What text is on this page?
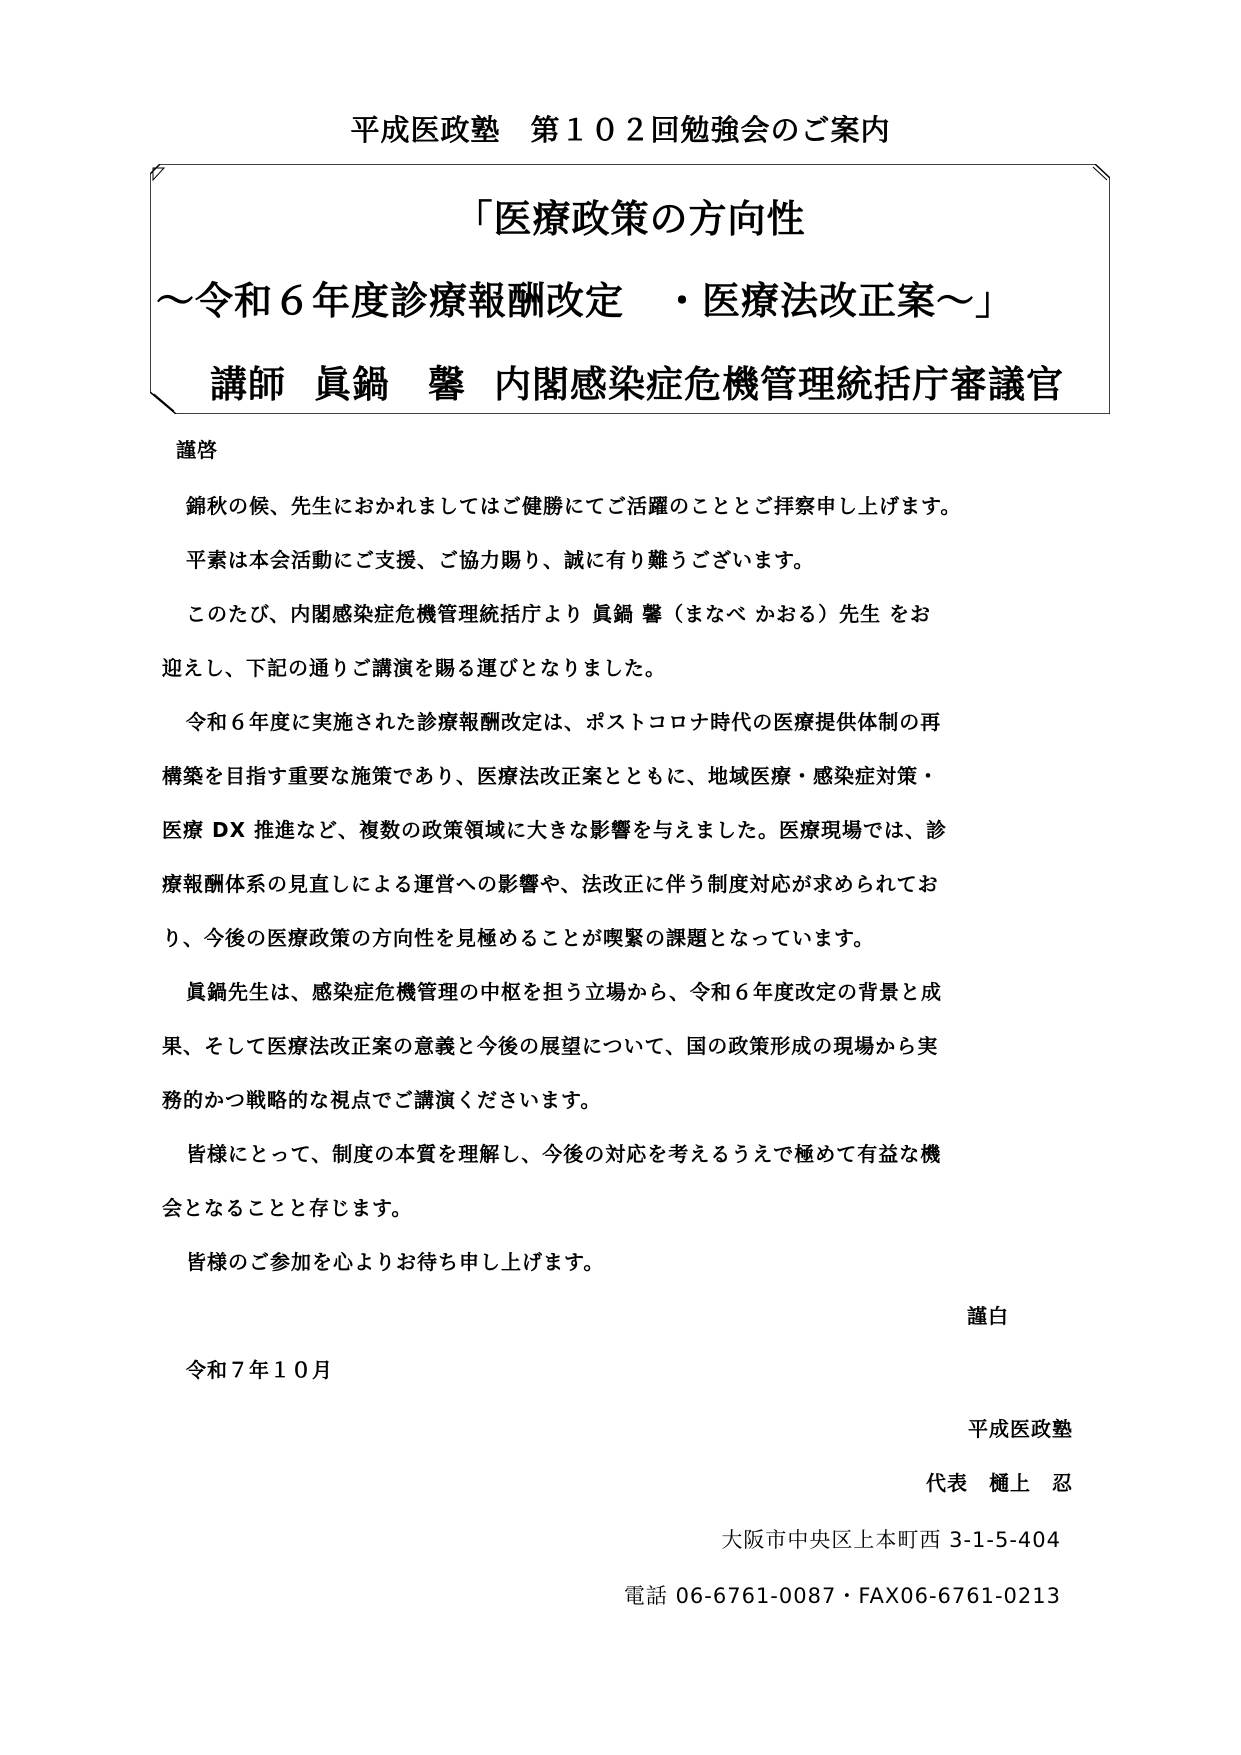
平成医政塾　第１０２回勉強会のご案内
「医療政策の方向性
～令和６年度診療報酬改定　・医療法改正案～」
講師 眞鍋　馨 内閣感染症危機管理統括庁審議官
謹啓
錦秋の候、先生におかれましてはご健勝にてご活躍のこととご拝察申し上げます。
平素は本会活動にご支援、ご協力賜り、誠に有り難うございます。
このたび、内閣感染症危機管理統括庁より 眞鍋 馨（まなべ かおる）先生 をお
迎えし、下記の通りご講演を賜る運びとなりました。
令和６年度に実施された診療報酬改定は、ポストコロナ時代の医療提供体制の再
構築を目指す重要な施策であり、医療法改正案とともに、地域医療・感染症対策・
医療 DX 推進など、複数の政策領域に大きな影響を与えました。医療現場では、診
療報酬体系の見直しによる運営への影響や、法改正に伴う制度対応が求められてお
り、今後の医療政策の方向性を見極めることが喫緊の課題となっています。
眞鍋先生は、感染症危機管理の中枢を担う立場から、令和６年度改定の背景と成
果、そして医療法改正案の意義と今後の展望について、国の政策形成の現場から実
務的かつ戦略的な視点でご講演くださいます。
皆様にとって、制度の本質を理解し、今後の対応を考えるうえで極めて有益な機
会となることと存じます。
皆様のご参加を心よりお待ち申し上げます。
謹白
令和７年１０月
平成医政塾
代表　樋上　忍
大阪市中央区上本町西 3-1-5-404
電話 06-6761-0087・FAX06-6761-0213
